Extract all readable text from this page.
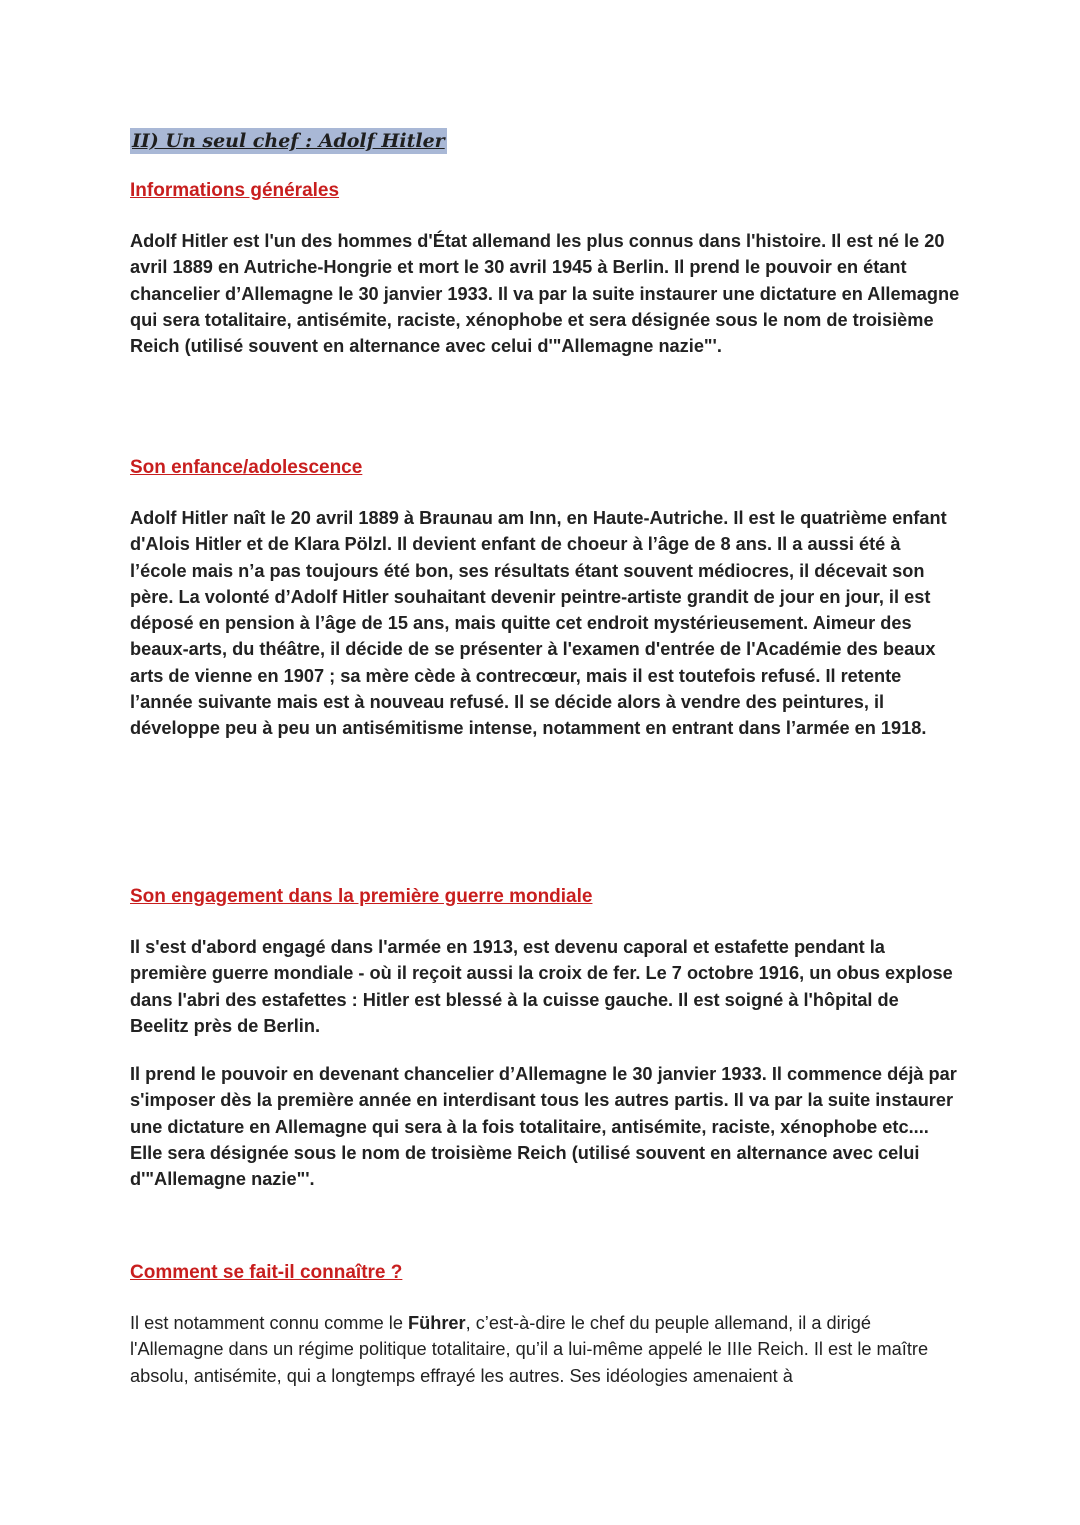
II) Un seul chef : Adolf Hitler
Informations générales

Adolf Hitler est l'un des hommes d'État allemand les plus connus dans l'histoire. Il est né le 20 avril 1889 en Autriche-Hongrie et mort le 30 avril 1945 à Berlin. Il prend le pouvoir en étant chancelier d’Allemagne le 30 janvier 1933. Il va par la suite instaurer une dictature en Allemagne qui sera totalitaire, antisémite, raciste, xénophobe et sera désignée sous le nom de troisième Reich (utilisé souvent en alternance avec celui d'"Allemagne nazie"'.

Son enfance/adolescence

Adolf Hitler naît le 20 avril 1889 à Braunau am Inn, en Haute-Autriche. Il est le quatrième enfant d'Alois Hitler et de Klara Pölzl. Il devient enfant de choeur à l’âge de 8 ans. Il a aussi été à l’école mais n’a pas toujours été bon, ses résultats étant souvent médiocres, il décevait son père. La volonté d’Adolf Hitler souhaitant devenir peintre-artiste grandit de jour en jour, il est déposé en pension à l’âge de 15 ans, mais quitte cet endroit mystérieusement. Aimeur des beaux-arts, du théâtre, il décide de se présenter à l'examen d'entrée de l'Académie des beaux arts de vienne en 1907 ; sa mère cède à contrecœur, mais il est toutefois refusé. Il retente l’année suivante mais est à nouveau refusé. Il se décide alors à vendre des peintures, il développe peu à peu un antisémitisme intense, notamment en entrant dans l’armée en 1918.

Son engagement dans la première guerre mondiale

Il s'est d'abord engagé dans l'armée en 1913, est devenu caporal et estafette pendant la première guerre mondiale - où il reçoit aussi la croix de fer. Le 7 octobre 1916, un obus explose dans l'abri des estafettes : Hitler est blessé à la cuisse gauche. Il est soigné à l'hôpital de Beelitz près de Berlin.

Il prend le pouvoir en devenant chancelier d’Allemagne le 30 janvier 1933. Il commence déjà par s'imposer dès la première année en interdisant tous les autres partis. Il va par la suite instaurer une dictature en Allemagne qui sera à la fois totalitaire, antisémite, raciste, xénophobe etc.... Elle sera désignée sous le nom de troisième Reich (utilisé souvent en alternance avec celui d'"Allemagne nazie"'.

Comment se fait-il connaître ?

Il est notamment connu comme le Führer, c’est-à-dire le chef du peuple allemand, il a dirigé l'Allemagne dans un régime politique totalitaire, qu’il a lui-même appelé le IIIe Reich. Il est le maître absolu, antisémite, qui a longtemps effrayé les autres. Ses idéologies amenaient à
